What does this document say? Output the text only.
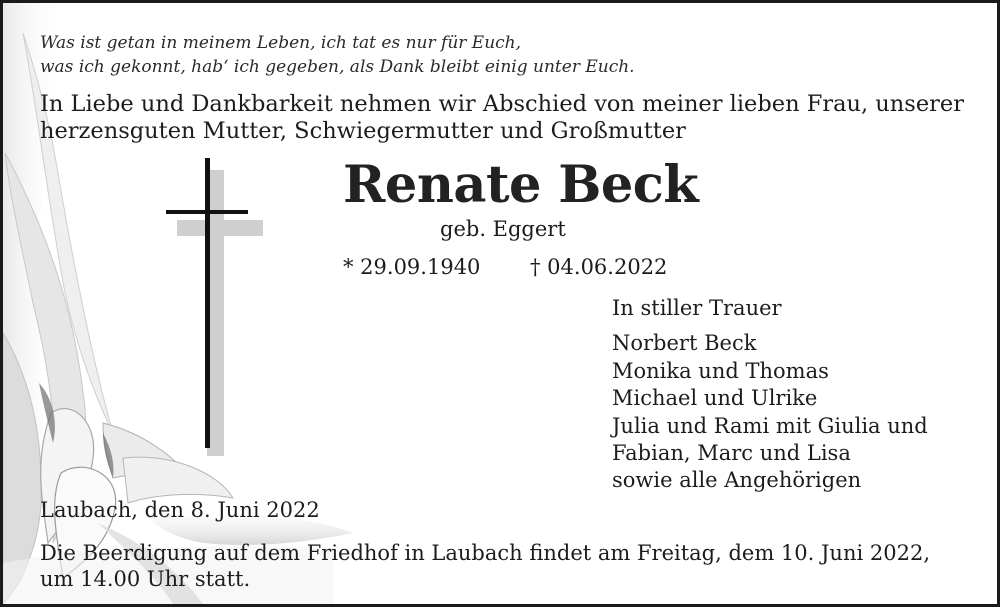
Was ist getan in meinem Leben, ich tat es nur für Euch,
was ich gekonnt, hab‘ ich gegeben, als Dank bleibt einig unter Euch.
In Liebe und Dankbarkeit nehmen wir Abschied von meiner lieben Frau, unserer
herzensguten Mutter, Schwiegermutter und Großmutter
Renate Beck
geb. Eggert
* 29.09.1940 † 04.06.2022
In stiller Trauer
Norbert Beck
Monika und Thomas
Michael und Ulrike
Julia und Rami mit Giulia und
Fabian, Marc und Lisa
sowie alle Angehörigen
Laubach, den 8. Juni 2022
Die Beerdigung auf dem Friedhof in Laubach findet am Freitag, dem 10. Juni 2022,
um 14.00 Uhr statt.
